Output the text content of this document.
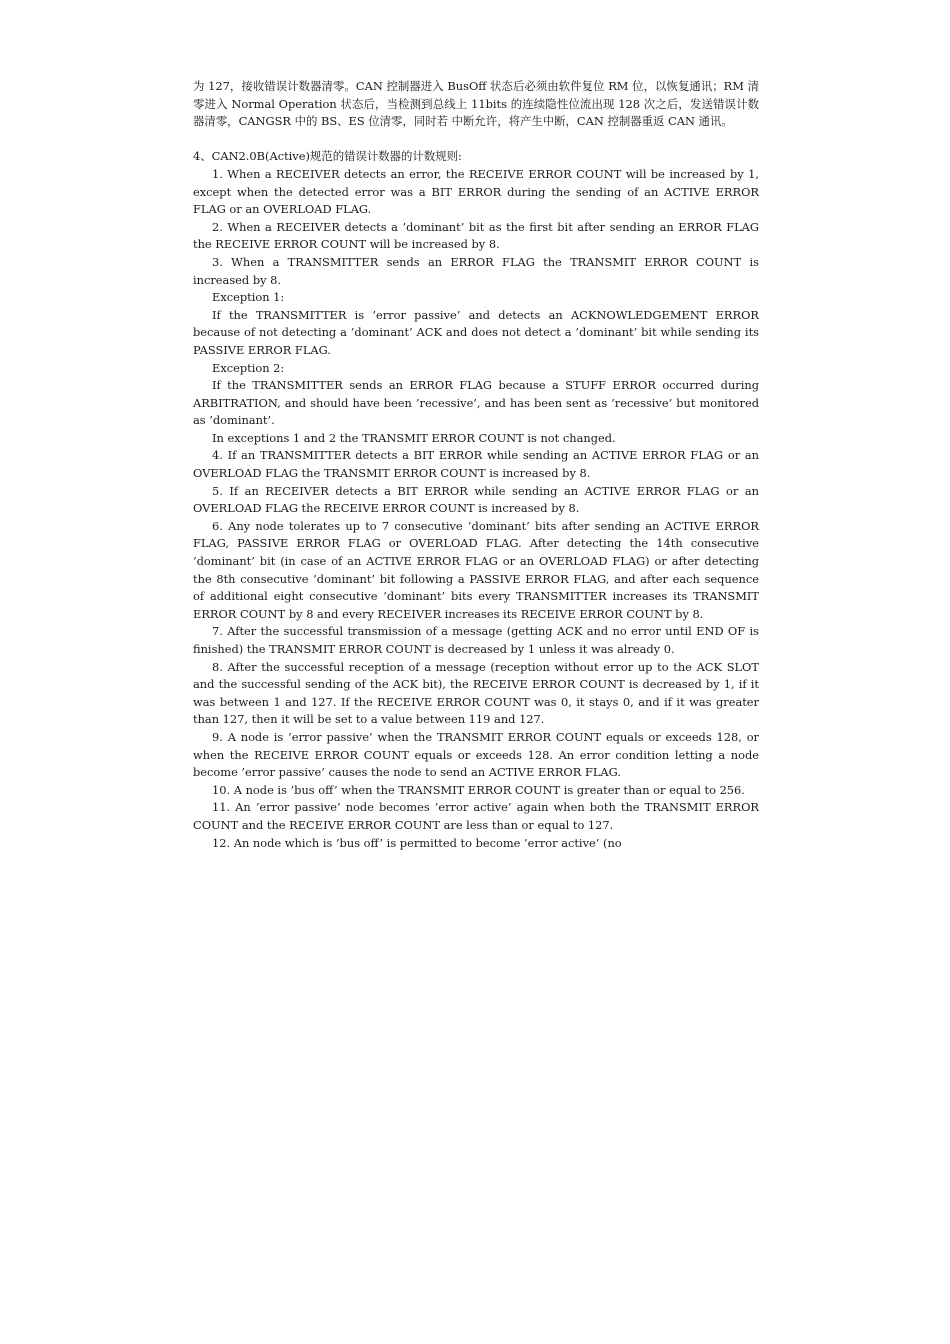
为 127，接收错误计数器清零。CAN 控制器进入 BusOff 状态后必须由软件复位 RM 位，以恢复通讯；RM 清零进入 Normal Operation 状态后，当检测到总线上 11bits 的连续隐性位流出现 128 次之后，发送错误计数器清零，CANGSR 中的 BS、ES 位清零，同时若 中断允许，将产生中断，CAN 控制器重返 CAN 通讯。

4、CAN2.0B(Active)规范的错误计数器的计数规则:

1. When a RECEIVER detects an error, the RECEIVE ERROR COUNT will be increased by 1, except when the detected error was a BIT ERROR during the sending of an ACTIVE ERROR FLAG or an OVERLOAD FLAG.

2. When a RECEIVER detects a ’dominant’ bit as the first bit after sending an ERROR FLAG the RECEIVE ERROR COUNT will be increased by 8.

3. When a TRANSMITTER sends an ERROR FLAG the TRANSMIT ERROR COUNT is increased by 8.

Exception 1:

If the TRANSMITTER is ’error passive’ and detects an ACKNOWLEDGEMENT ERROR because of not detecting a ’dominant’ ACK and does not detect a ’dominant’ bit while sending its PASSIVE ERROR FLAG.

Exception 2:

If the TRANSMITTER sends an ERROR FLAG because a STUFF ERROR occurred during ARBITRATION, and should have been ’recessive’, and has been sent as ’recessive’ but monitored as ’dominant’.

In exceptions 1 and 2 the TRANSMIT ERROR COUNT is not changed.

4. If an TRANSMITTER detects a BIT ERROR while sending an ACTIVE ERROR FLAG or an OVERLOAD FLAG the TRANSMIT ERROR COUNT is increased by 8.

5. If an RECEIVER detects a BIT ERROR while sending an ACTIVE ERROR FLAG or an OVERLOAD FLAG the RECEIVE ERROR COUNT is increased by 8.

6. Any node tolerates up to 7 consecutive ’dominant’ bits after sending an ACTIVE ERROR FLAG, PASSIVE ERROR FLAG or OVERLOAD FLAG. After detecting the 14th consecutive ’dominant’ bit (in case of an ACTIVE ERROR FLAG or an OVERLOAD FLAG) or after detecting the 8th consecutive ’dominant’ bit following a PASSIVE ERROR FLAG, and after each sequence of additional eight consecutive ’dominant’ bits every TRANSMITTER increases its TRANSMIT ERROR COUNT by 8 and every RECEIVER increases its RECEIVE ERROR COUNT by 8.

7. After the successful transmission of a message (getting ACK and no error until END OF is finished) the TRANSMIT ERROR COUNT is decreased by 1 unless it was already 0.

8. After the successful reception of a message (reception without error up to the ACK SLOT and the successful sending of the ACK bit), the RECEIVE ERROR COUNT is decreased by 1, if it was between 1 and 127. If the RECEIVE ERROR COUNT was 0, it stays 0, and if it was greater than 127, then it will be set to a value between 119 and 127.

9. A node is ’error passive’ when the TRANSMIT ERROR COUNT equals or exceeds 128, or when the RECEIVE ERROR COUNT equals or exceeds 128. An error condition letting a node become ’error passive’ causes the node to send an ACTIVE ERROR FLAG.

10. A node is ’bus off’ when the TRANSMIT ERROR COUNT is greater than or equal to 256.

11. An ’error passive’ node becomes ’error active’ again when both the TRANSMIT ERROR COUNT and the RECEIVE ERROR COUNT are less than or equal to 127.

12. An node which is ’bus off’ is permitted to become ’error active’ (no
